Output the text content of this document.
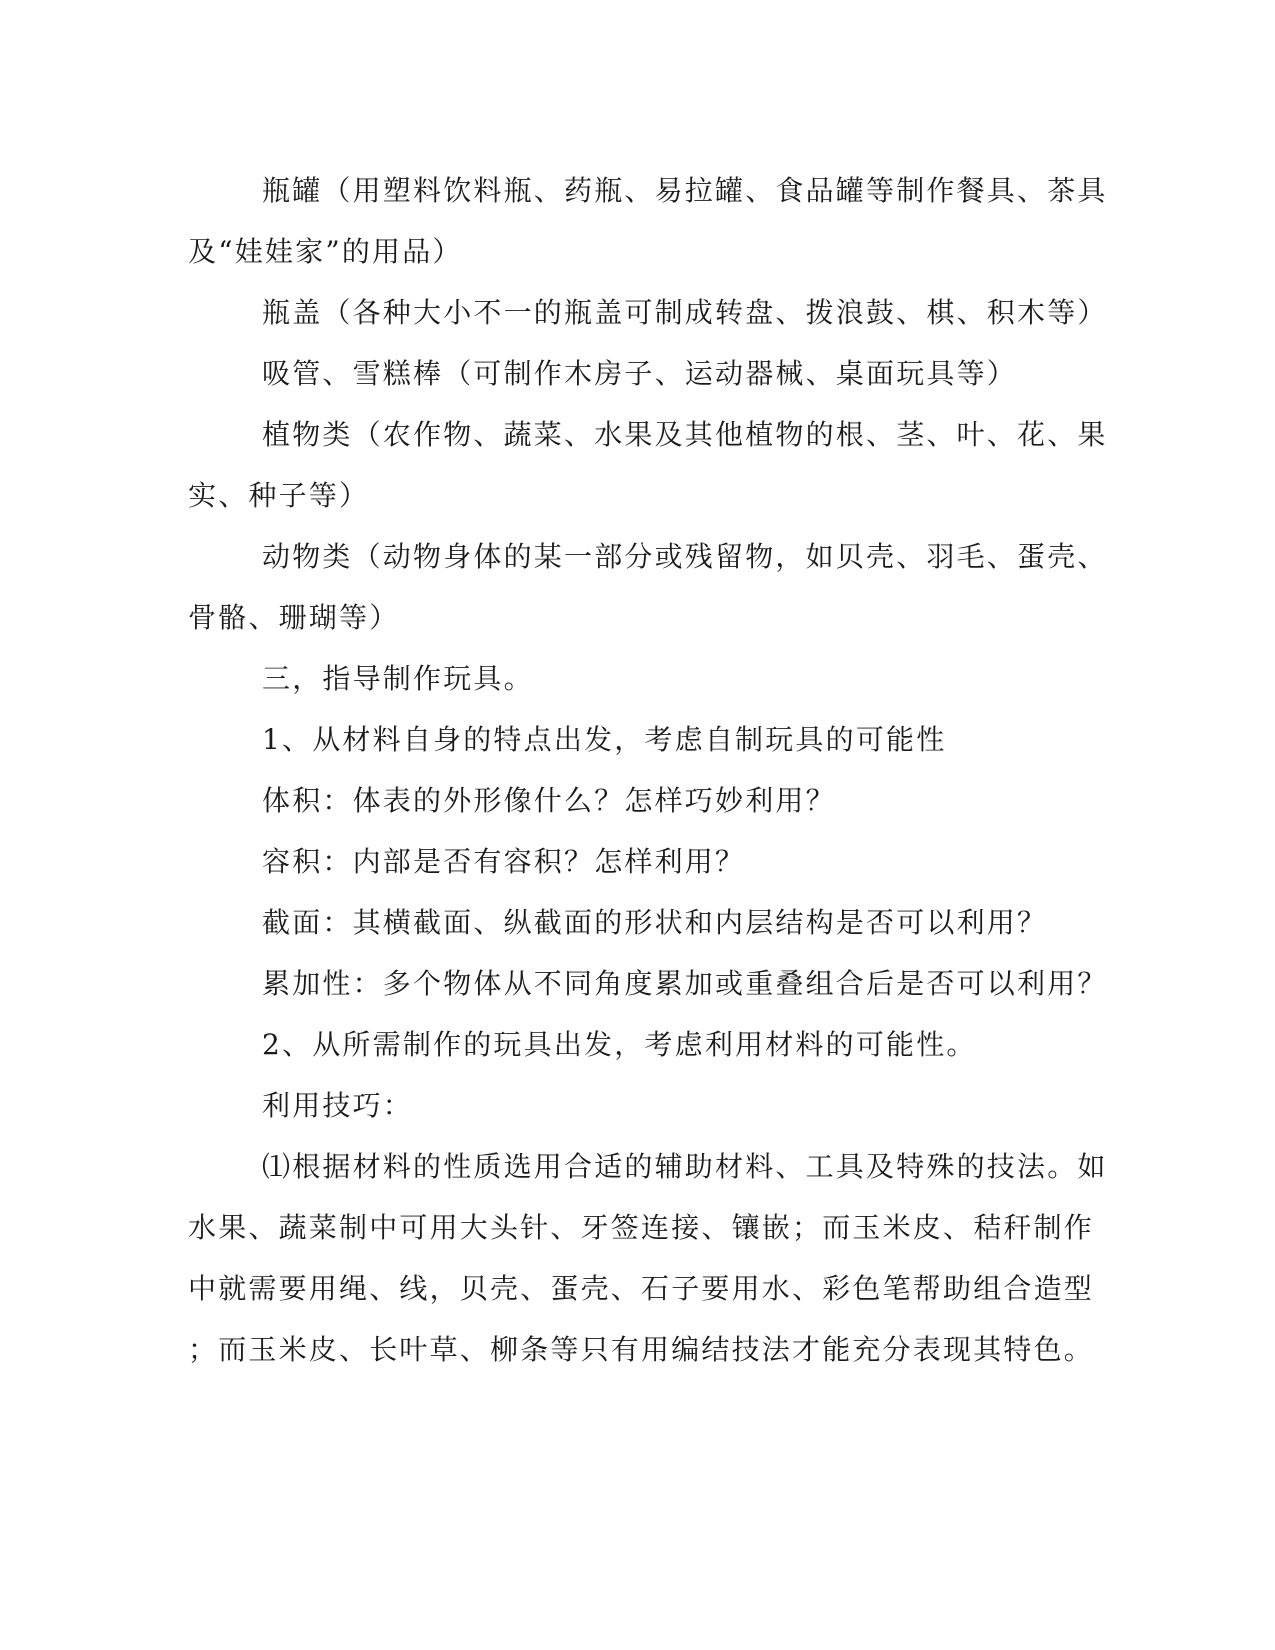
瓶罐（用塑料饮料瓶、药瓶、易拉罐、食品罐等制作餐具、茶具
及“娃娃家”的用品）
瓶盖（各种大小不一的瓶盖可制成转盘、拨浪鼓、棋、积木等）
吸管、雪糕棒（可制作木房子、运动器械、桌面玩具等）
植物类（农作物、蔬菜、水果及其他植物的根、茎、叶、花、果
实、种子等）
动物类（动物身体的某一部分或残留物，如贝壳、羽毛、蛋壳、
骨骼、珊瑚等）
三，指导制作玩具。
1、从材料自身的特点出发，考虑自制玩具的可能性
体积：体表的外形像什么？怎样巧妙利用？
容积：内部是否有容积？怎样利用？
截面：其横截面、纵截面的形状和内层结构是否可以利用？
累加性：多个物体从不同角度累加或重叠组合后是否可以利用？
2、从所需制作的玩具出发，考虑利用材料的可能性。
利用技巧：
⑴根据材料的性质选用合适的辅助材料、工具及特殊的技法。如
水果、蔬菜制中可用大头针、牙签连接、镶嵌；而玉米皮、秸秆制作
中就需要用绳、线，贝壳、蛋壳、石子要用水、彩色笔帮助组合造型
；而玉米皮、长叶草、柳条等只有用编结技法才能充分表现其特色。
